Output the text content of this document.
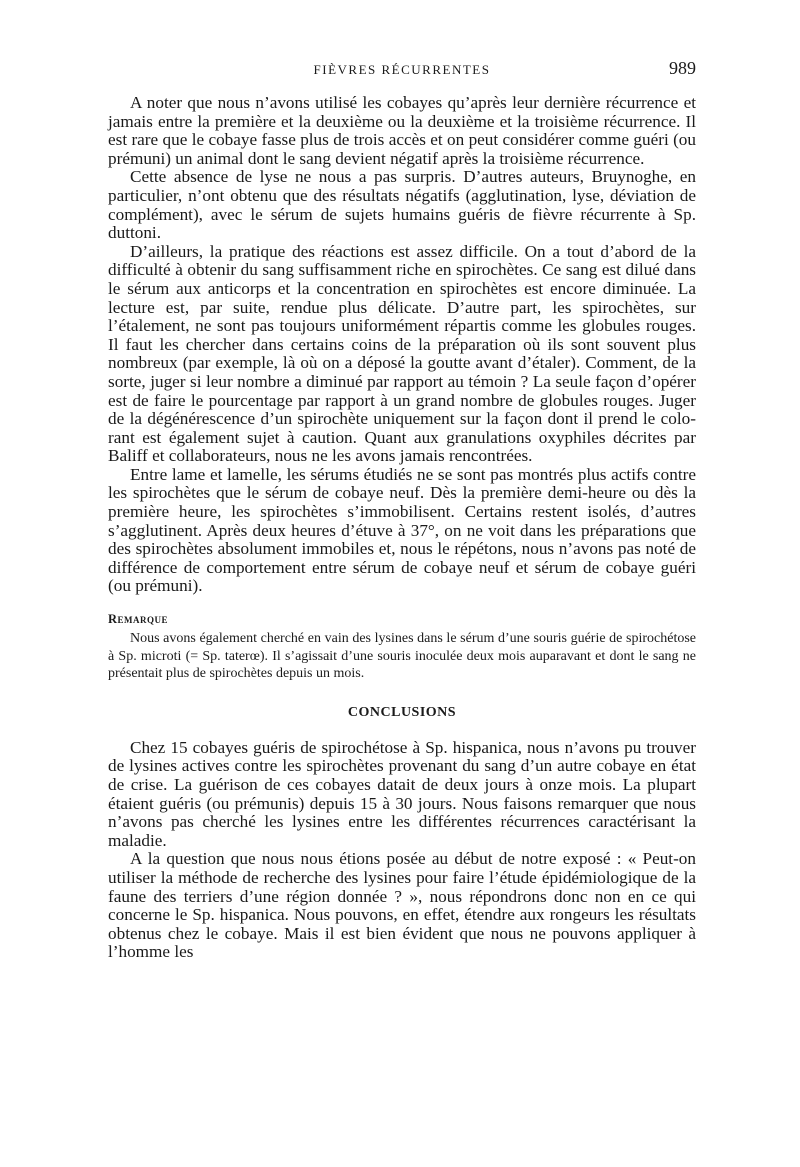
FIÈVRES RÉCURRENTES	989

A noter que nous n’avons utilisé les cobayes qu’après leur dernière récurrence et jamais entre la première et la deuxième ou la deuxième et la troisième récurrence. Il est rare que le cobaye fasse plus de trois accès et on peut considérer comme guéri (ou prémuni) un animal dont le sang devient négatif après la troisième récurrence.

Cette absence de lyse ne nous a pas surpris. D’autres auteurs, Bruynoghe, en particulier, n’ont obtenu que des résultats négatifs (agglutination, lyse, déviation de complément), avec le sérum de sujets humains guéris de fièvre récurrente à Sp. duttoni.

D’ailleurs, la pratique des réactions est assez difficile. On a tout d’abord de la difficulté à obtenir du sang suffisamment riche en spirochètes. Ce sang est dilué dans le sérum aux anticorps et la concentration en spirochètes est encore diminuée. La lecture est, par suite, rendue plus délicate. D’autre part, les spirochètes, sur l’étalement, ne sont pas toujours uniformément répartis comme les globules rouges. Il faut les chercher dans certains coins de la préparation où ils sont souvent plus nombreux (par exemple, là où on a déposé la goutte avant d’étaler). Comment, de la sorte, juger si leur nombre a diminué par rapport au témoin ? La seule façon d’opérer est de faire le pourcentage par rapport à un grand nombre de globules rouges. Juger de la dégénérescence d’un spirochète uniquement sur la façon dont il prend le colorant est également sujet à caution. Quant aux granulations oxyphiles décrites par Baliff et collaborateurs, nous ne les avons jamais rencontrées.

Entre lame et lamelle, les sérums étudiés ne se sont pas montrés plus actifs contre les spirochètes que le sérum de cobaye neuf. Dès la première demi-heure ou dès la première heure, les spirochètes s’immobilisent. Certains restent isolés, d’autres s’agglutinent. Après deux heures d’étuve à 37°, on ne voit dans les préparations que des spirochètes absolument immobiles et, nous le répétons, nous n’avons pas noté de différence de comportement entre sérum de cobaye neuf et sérum de cobaye guéri (ou prémuni).

Remarque

Nous avons également cherché en vain des lysines dans le sérum d’une souris guérie de spirochétose à Sp. microti (= Sp. taterœ). Il s’agissait d’une souris inoculée deux mois auparavant et dont le sang ne présentait plus de spirochètes depuis un mois.

CONCLUSIONS

Chez 15 cobayes guéris de spirochétose à Sp. hispanica, nous n’avons pu trouver de lysines actives contre les spirochètes provenant du sang d’un autre cobaye en état de crise. La guérison de ces cobayes datait de deux jours à onze mois. La plupart étaient guéris (ou prémunis) depuis 15 à 30 jours. Nous faisons remarquer que nous n’avons pas cherché les lysines entre les différentes récurrences caractérisant la maladie.

A la question que nous nous étions posée au début de notre exposé : « Peut-on utiliser la méthode de recherche des lysines pour faire l’étude épidémiologique de la faune des terriers d’une région donnée ? », nous répondrons donc non en ce qui concerne le Sp. hispanica. Nous pouvons, en effet, étendre aux rongeurs les résultats obtenus chez le cobaye. Mais il est bien évident que nous ne pouvons appliquer à l’homme les
